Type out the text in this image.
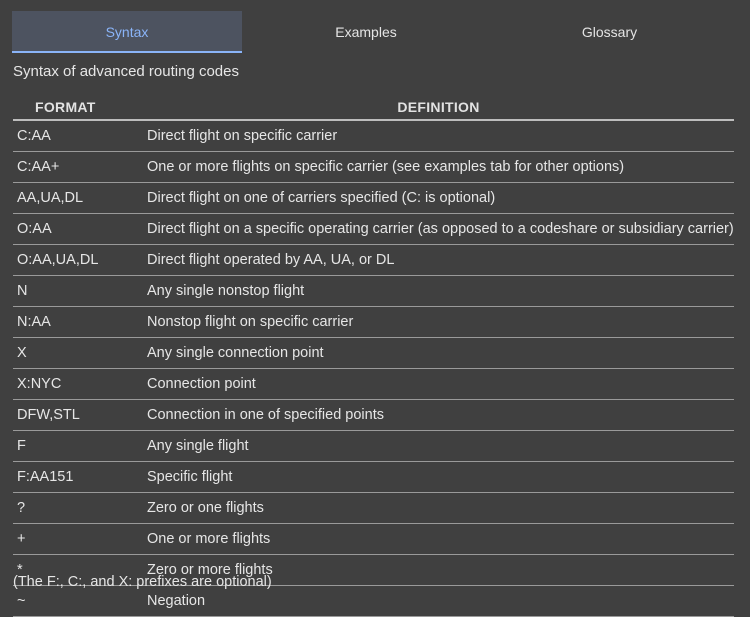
Syntax	Examples	Glossary
Syntax of advanced routing codes
FORMAT	DEFINITION
C:AA	Direct flight on specific carrier
C:AA+	One or more flights on specific carrier (see examples tab for other options)
AA,UA,DL	Direct flight on one of carriers specified (C: is optional)
O:AA	Direct flight on a specific operating carrier (as opposed to a codeshare or subsidiary carrier)
O:AA,UA,DL	Direct flight operated by AA, UA, or DL
N	Any single nonstop flight
N:AA	Nonstop flight on specific carrier
X	Any single connection point
X:NYC	Connection point
DFW,STL	Connection in one of specified points
F	Any single flight
F:AA151	Specific flight
?	Zero or one flights
+	One or more flights
*	Zero or more flights
~	Negation
(The F:, C:, and X: prefixes are optional)
